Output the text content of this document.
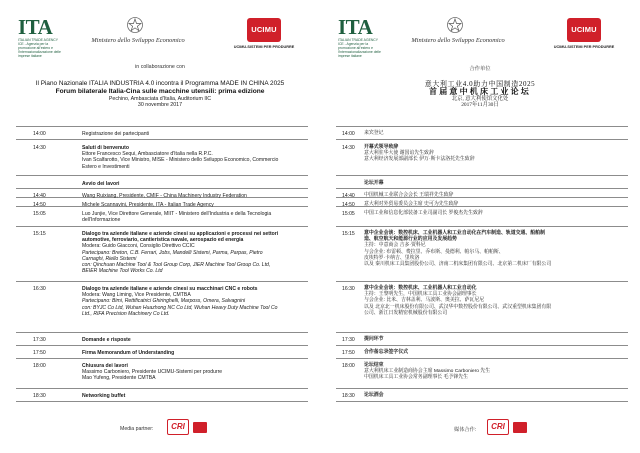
ITA
ITALIAN TRADE AGENCY ICE - Agenzia per la promozione all'estero e l'internazionalizzazione delle imprese italiane
Ministero dello Sviluppo Economico
UCIMU
UCIMU-SISTEMI PER PRODURRE
in collaborazione con
Il Piano Nazionale ITALIA INDUSTRIA 4.0 incontra il Programma MADE IN CHINA 2025
Forum bilaterale Italia-Cina sulle macchine utensili: prima edizione
Pechino, Ambasciata d'Italia, Auditorium IIC
30 novembre 2017
Media partner:	CRI
14:00	Registrazione dei partecipanti
14:30	Saluti di benvenuto
Ettore Francesco Sequi, Ambasciatore d'Italia nella R.P.C.
Ivan Scalfarotto, Vice Ministro, MISE - Ministero dello Sviluppo Economico, Commercio
Estero e Investimenti
Avvio dei lavori
14:40	Wang Ruixiang, Presidente, CMIF - China Machinery Industry Federation
14:50	Michele Scannavini, Presidente, ITA - Italian Trade Agency
15:05	Luo Junjie, Vice Direttore Generale, MIIT - Ministero dell'Industria e della Tecnologia
dell'Informazione
15:15	Dialogo tra aziende italiane e aziende cinesi su applicazioni e processi nei settori
automotive, ferroviario, cantieristica navale, aerospazio ed energia
Modera: Guido Giacconi, Consiglio Direttivo CCIC
Partecipano: Breton, C.B. Ferrari, Jobs, Mandelli Sistemi, Parma, Parpas, Pietro
Carnaghi, Riello Sistemi
con: Qinchuan Machine Tool & Tool Group Corp, JIER Machine Tool Group Co. Ltd,
BEIER Machine Tool Works Co. Ltd
16:30	Dialogo tra aziende italiane e aziende cinesi su macchinari CNC e robots
Modera: Wang Liming, Vice Presidente, CMTBA
Partecipano: Bimi, Rettificatrici Ghiringhelli, Marposs, Omera, Salvagnini
con: BYJC Co Ltd, Wuhan Huazhong NC Co Ltd, Wuhan Heavy Duty Machine Tool Co
Ltd., RIFA Precision Machinery Co Ltd.
17:30	Domande e risposte
17:50	Firma Memorandum of Understanding
18:00	Chiusura dei lavori
Massimo Carboniero, Presidente UCIMU-Sistemi per produrre
Mao Yufeng, Presidente CMTBA
18:30	Networking buffet
ITA
ITALIAN TRADE AGENCY ICE - Agenzia per la promozione all'estero e l'internazionalizzazione delle imprese italiane
Ministero dello Sviluppo Economico
UCIMU
UCIMU-SISTEMI PER PRODURRE
合作单位
意大利工业4.0助力中国制造2025
首届意中机床工业论坛
北京, 意大利使馆文化处
2017年11月30日
媒体合作:	CRI
14:00	来宾登记
14:30	开幕式领导致辞
意大利驻华大使 谢国谊先生致辞
意大利经济发展部副部长 伊万·斯卡法洛托先生致辞
论坛开幕
14:40	中国机械工业联合会会长 王瑞祥先生致辞
14:50	意大利对外贸易委员会主席 史可为先生致辞
15:05	中国工业和信息化部装备工业司副司长 罗俊杰先生致辞
15:15	意中企业会谈：数控机床、工业机器人和工业自动化在汽车制造、轨道交通、船舶制
造、航空航天和能源行业的应用及发展趋势
主持：中意商会 吉多·贾科尼
与会企业: 布雷顿、费拉里、乔布斯、曼德利、帕尔马、帕帕斯、
皮埃特罗·卡纳吉、里埃洛
以及 秦川机床工具集团股份公司、济南二机床集团有限公司、北京第二机床厂有限公司
16:30	意中企业会谈：数控机床、工业机器人和工业自动化
主持：王黎明先生，中国机床工具工业协会副理事长
与会企业: 比米、吉林盖利、马波斯、奥美拉、萨瓦尼尼
以及 北京北一机床股份有限公司、武汉华中数控股份有限公司、武汉重型机床集团有限
公司、浙江日发精密机械股份有限公司
17:30	提问环节
17:50	合作备忘录签字仪式
18:00	论坛结束
意大利机床工业制造商协会主席 Massimo Carboniero 先生
中国机床工具工业协会常务副理事长 毛予锋先生
18:30	论坛酒会
